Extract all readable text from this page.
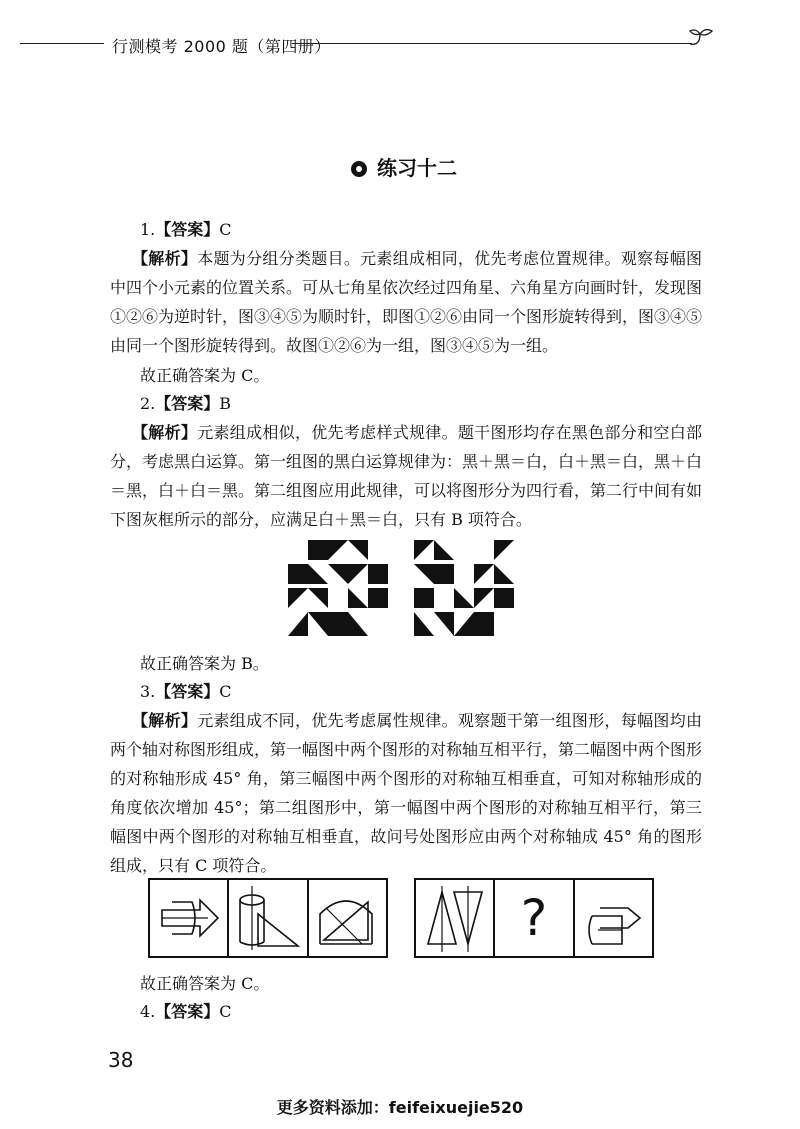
行测模考 2000 题（第四册）
练习十二
1.【答案】C
【解析】本题为分组分类题目。元素组成相同，优先考虑位置规律。观察每幅图中四个小元素的位置关系。可从七角星依次经过四角星、六角星方向画时针，发现图①②⑥为逆时针，图③④⑤为顺时针，即图①②⑥由同一个图形旋转得到，图③④⑤由同一个图形旋转得到。故图①②⑥为一组，图③④⑤为一组。
故正确答案为 C。
2.【答案】B
【解析】元素组成相似，优先考虑样式规律。题干图形均存在黑色部分和空白部分，考虑黑白运算。第一组图的黑白运算规律为：黑＋黑＝白，白＋黑＝白，黑＋白＝黑，白＋白＝黑。第二组图应用此规律，可以将图形分为四行看，第二行中间有如下图灰框所示的部分，应满足白＋黑＝白，只有 B 项符合。
故正确答案为 B。
3.【答案】C
【解析】元素组成不同，优先考虑属性规律。观察题干第一组图形，每幅图均由两个轴对称图形组成，第一幅图中两个图形的对称轴互相平行，第二幅图中两个图形的对称轴形成 45° 角，第三幅图中两个图形的对称轴互相垂直，可知对称轴形成的角度依次增加 45°；第二组图形中，第一幅图中两个图形的对称轴互相平行，第三幅图中两个图形的对称轴互相垂直，故问号处图形应由两个对称轴成 45° 角的图形组成，只有 C 项符合。
?
故正确答案为 C。
4.【答案】C
38
更多资料添加：feifeixuejie520
